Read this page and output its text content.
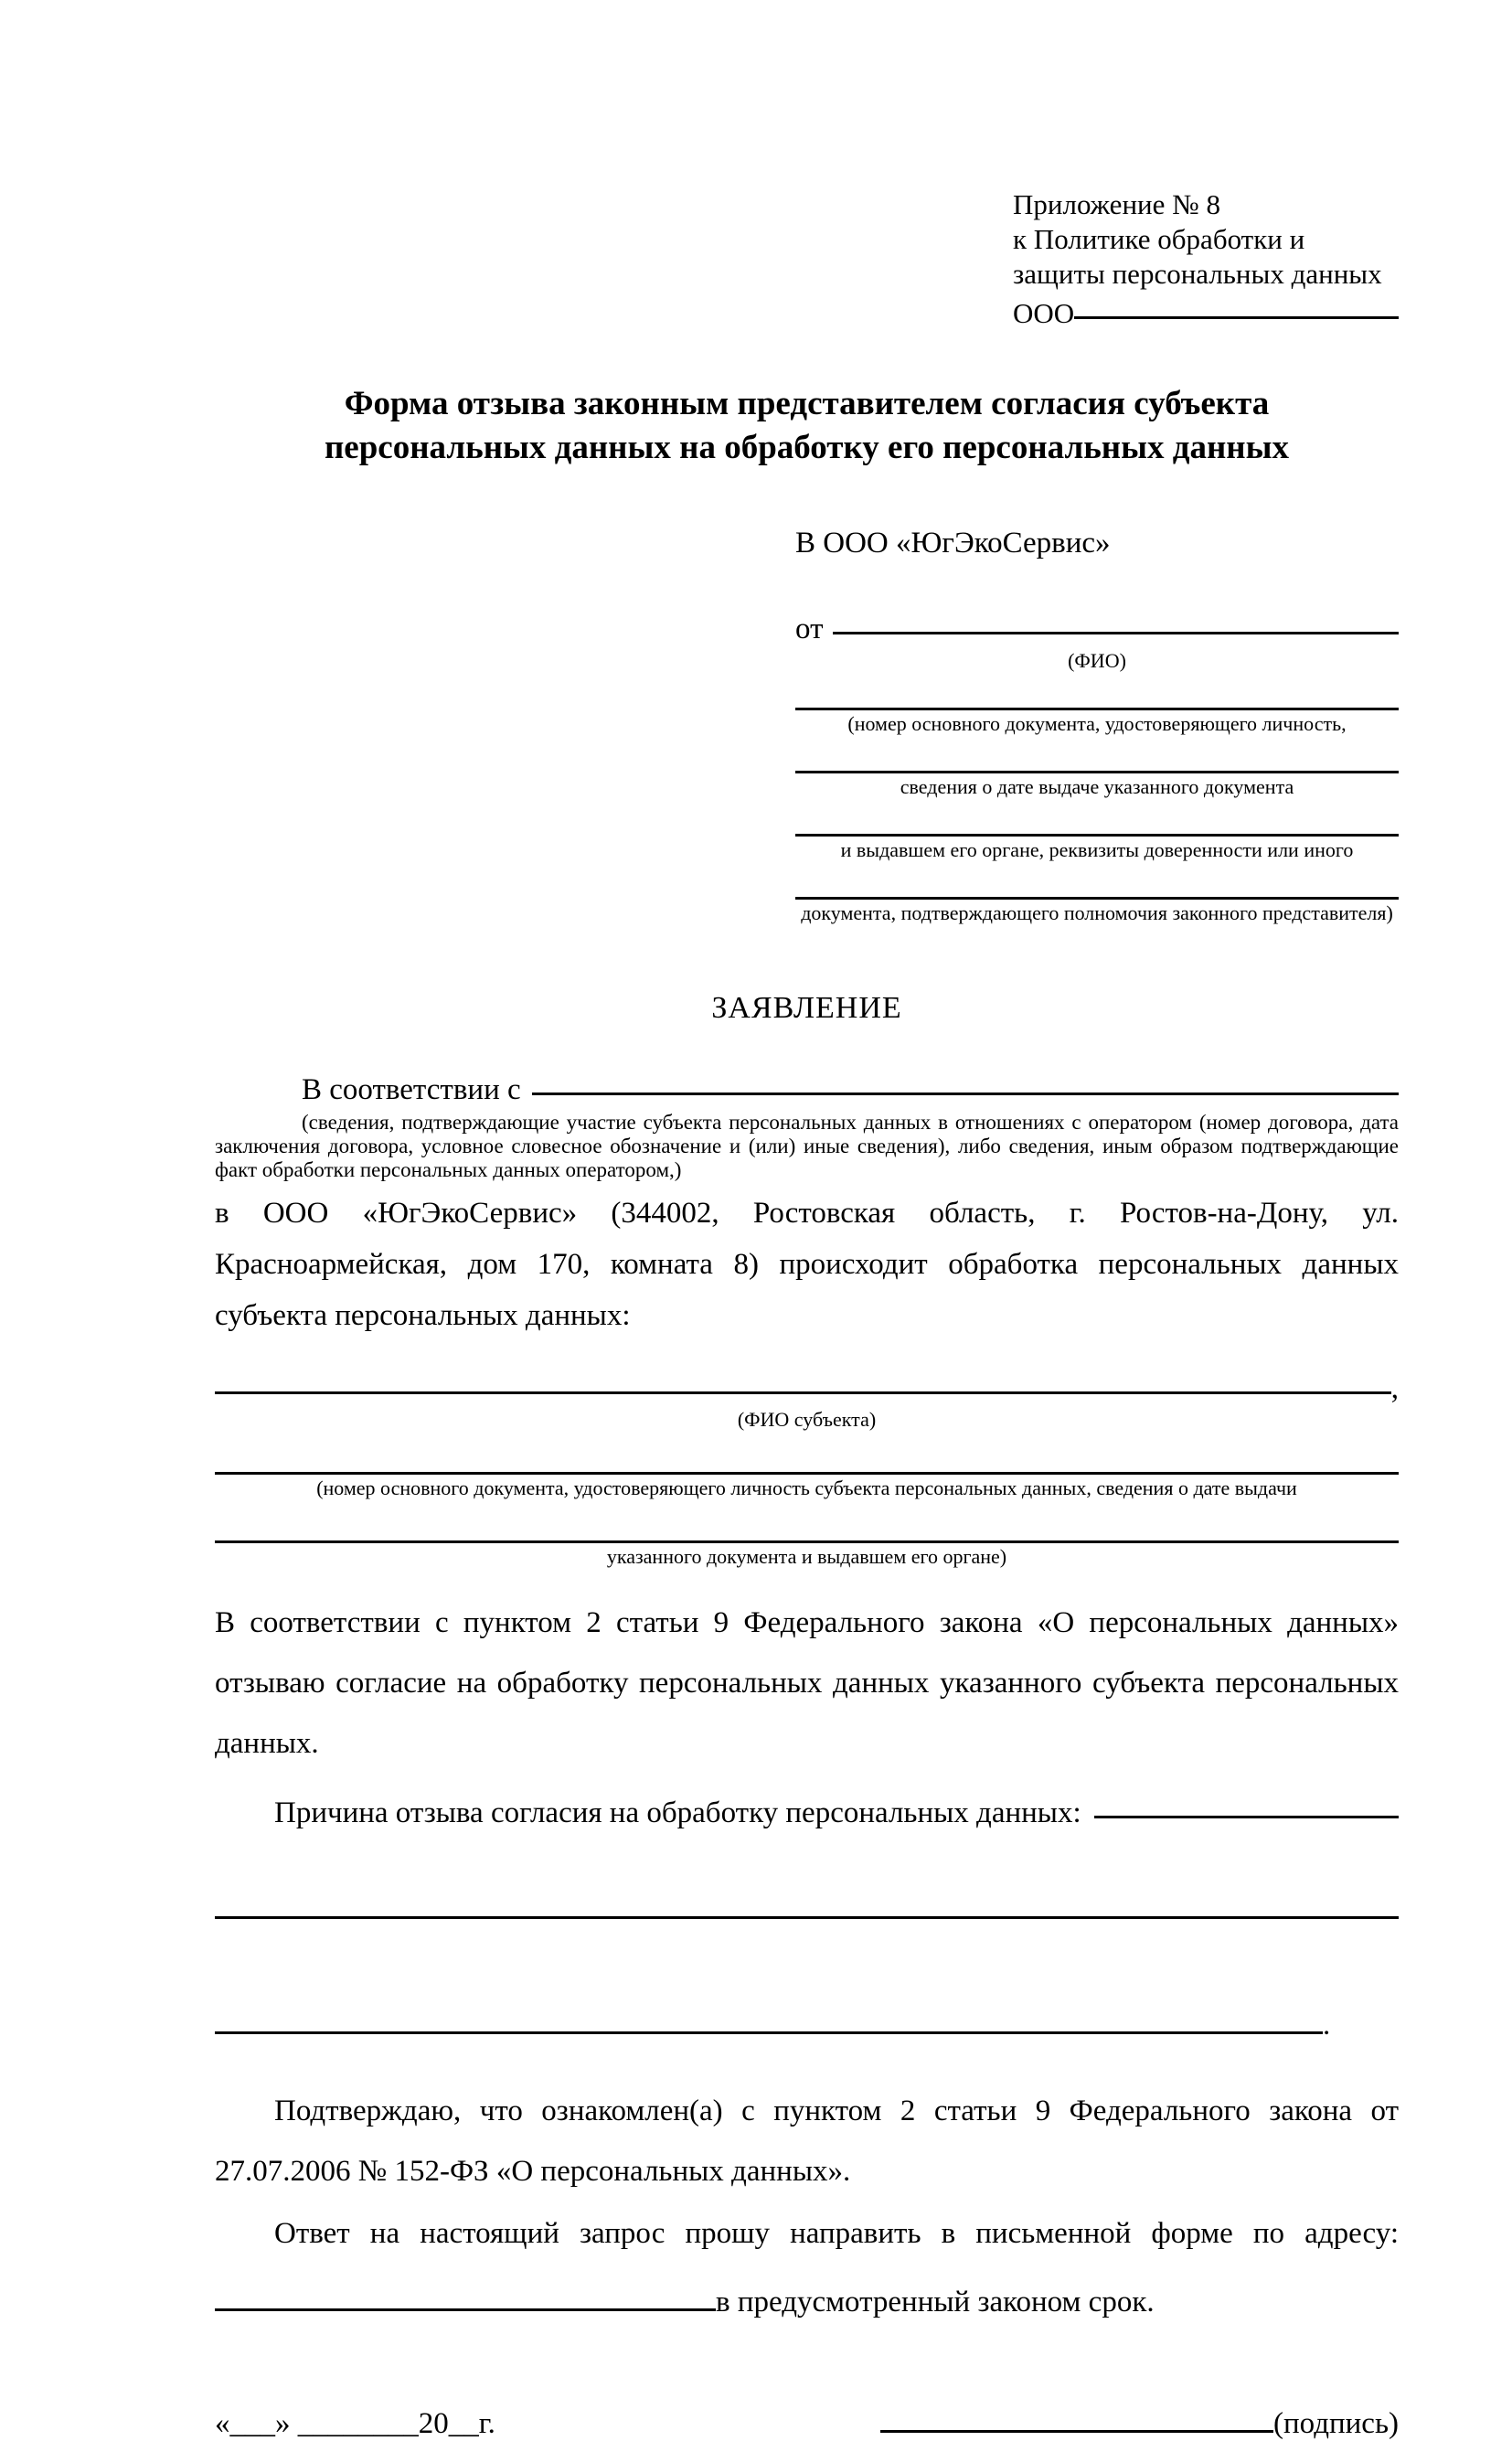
Приложение № 8
к Политике обработки и
защиты персональных данных
ООО
Форма отзыва законным представителем согласия субъекта персональных данных на обработку его персональных данных
В ООО «ЮгЭкоСервис»
от
(ФИО)
(номер основного документа, удостоверяющего личность,
сведения о дате выдаче указанного документа
и выдавшем его органе, реквизиты доверенности или иного
документа, подтверждающего полномочия законного представителя)
ЗАЯВЛЕНИЕ
В соответствии с

(сведения, подтверждающие участие субъекта персональных данных в отношениях с оператором (номер договора, дата заключения договора, условное словесное обозначение и (или) иные сведения), либо сведения, иным образом подтверждающие факт обработки персональных данных оператором,)

в ООО «ЮгЭкоСервис» (344002, Ростовская область, г. Ростов-на-Дону, ул. Красноармейская, дом 170, комната 8) происходит обработка персональных данных субъекта персональных данных:

,
(ФИО субъекта)
(номер основного документа, удостоверяющего личность субъекта персональных данных, сведения о дате выдачи
указанного документа и выдавшем его органе)

В соответствии с пунктом 2 статьи 9 Федерального закона «О персональных данных» отзываю согласие на обработку персональных данных указанного субъекта персональных данных.

Причина отзыва согласия на обработку персональных данных:
.

Подтверждаю, что ознакомлен(а) с пунктом 2 статьи 9 Федерального закона от 27.07.2006 № 152-ФЗ «О персональных данных».

Ответ на настоящий запрос прошу направить в письменной форме по адресу:

в предусмотренный законом срок.
«___» ________20__г.	(подпись)
